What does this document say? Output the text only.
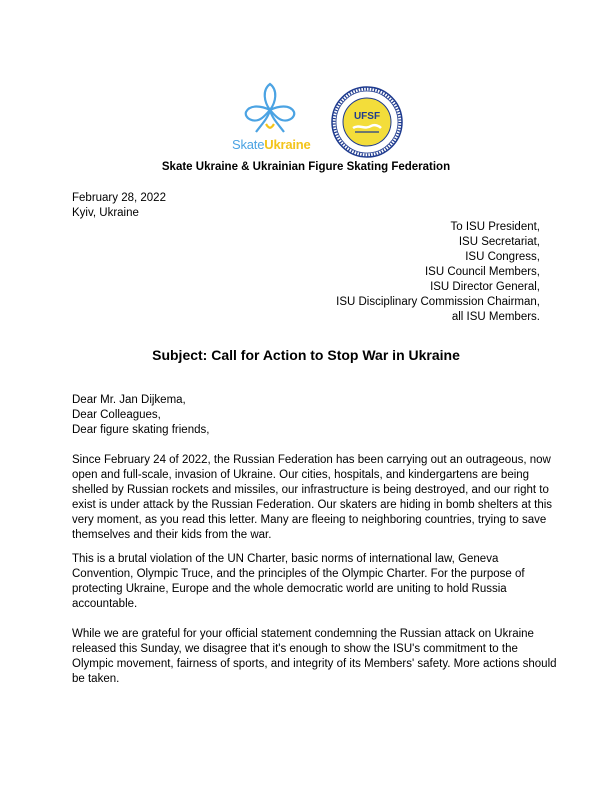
SkateUkraine
UFSF
Skate Ukraine & Ukrainian Figure Skating Federation
February 28, 2022
Kyiv, Ukraine
To ISU President,
ISU Secretariat,
ISU Congress,
ISU Council Members,
ISU Director General,
ISU Disciplinary Commission Chairman,
all ISU Members.
Subject: Call for Action to Stop War in Ukraine
Dear Mr. Jan Dijkema,
Dear Colleagues,
Dear figure skating friends,
Since February 24 of 2022, the Russian Federation has been carrying out an outrageous, now
open and full-scale, invasion of Ukraine. Our cities, hospitals, and kindergartens are being
shelled by Russian rockets and missiles, our infrastructure is being destroyed, and our right to
exist is under attack by the Russian Federation. Our skaters are hiding in bomb shelters at this
very moment, as you read this letter. Many are fleeing to neighboring countries, trying to save
themselves and their kids from the war.
This is a brutal violation of the UN Charter, basic norms of international law, Geneva
Convention, Olympic Truce, and the principles of the Olympic Charter. For the purpose of
protecting Ukraine, Europe and the whole democratic world are uniting to hold Russia
accountable.
While we are grateful for your official statement condemning the Russian attack on Ukraine
released this Sunday, we disagree that it's enough to show the ISU's commitment to the
Olympic movement, fairness of sports, and integrity of its Members' safety. More actions should
be taken.
